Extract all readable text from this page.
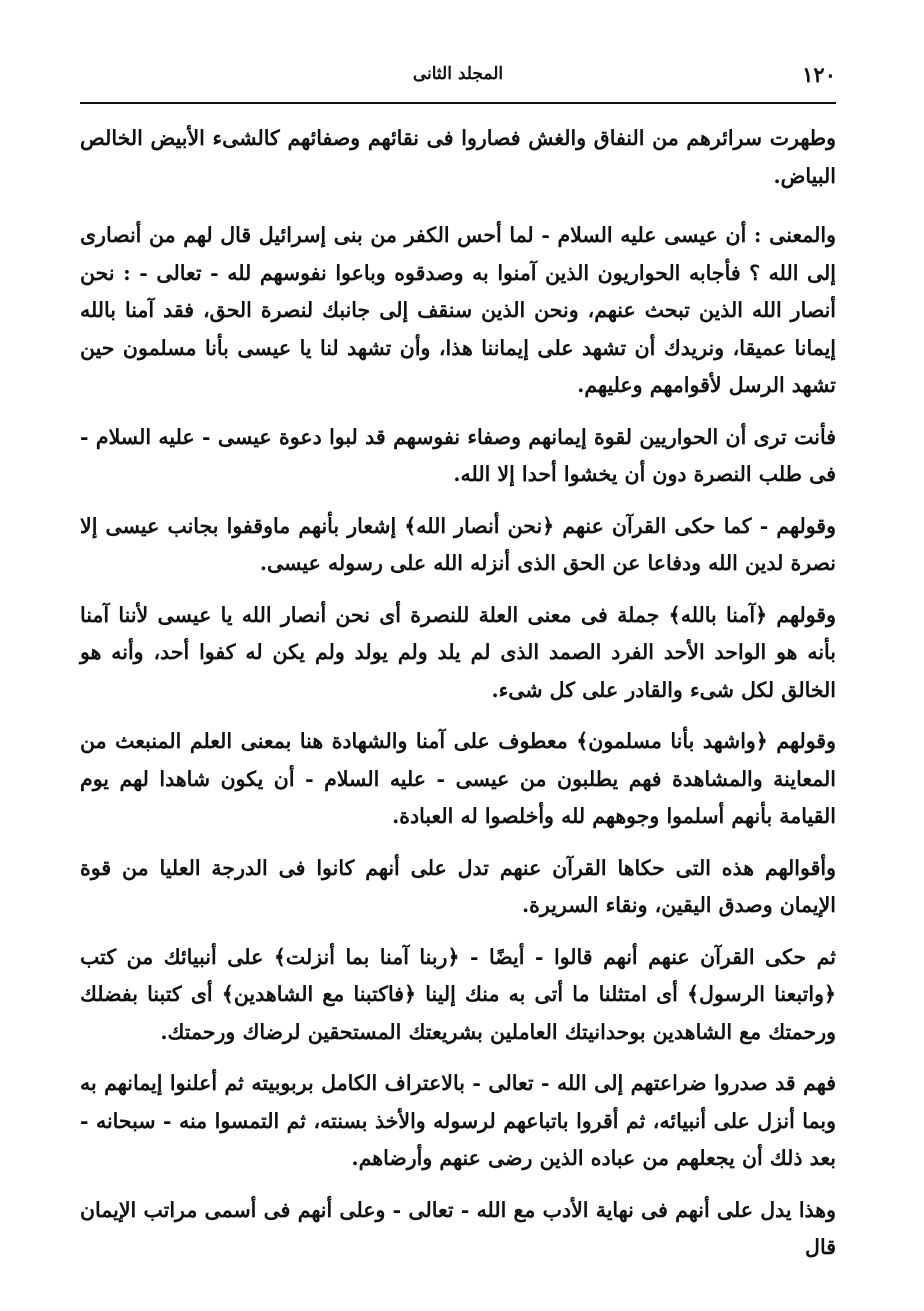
١٢٠
المجلد الثانى

وطهرت سرائرهم من النفاق والغش فصاروا فى نقائهم وصفائهم كالشىء الأبيض الخالص البياض.

والمعنى : أن عيسى عليه السلام - لما أحس الكفر من بنى إسرائيل قال لهم من أنصارى إلى الله ؟ فأجابه الحواريون الذين آمنوا به وصدقوه وباعوا نفوسهم لله - تعالى - : نحن أنصار الله الذين تبحث عنهم، ونحن الذين سنقف إلى جانبك لنصرة الحق، فقد آمنا بالله إيمانا عميقا، ونريدك أن تشهد على إيماننا هذا، وأن تشهد لنا يا عيسى بأنا مسلمون حين تشهد الرسل لأقوامهم وعليهم.

فأنت ترى أن الحواريين لقوة إيمانهم وصفاء نفوسهم قد لبوا دعوة عيسى - عليه السلام - فى طلب النصرة دون أن يخشوا أحدا إلا الله.

وقولهم - كما حكى القرآن عنهم ﴿نحن أنصار الله﴾ إشعار بأنهم ماوقفوا بجانب عيسى إلا نصرة لدين الله ودفاعا عن الحق الذى أنزله الله على رسوله عيسى.

وقولهم ﴿آمنا بالله﴾ جملة فى معنى العلة للنصرة أى نحن أنصار الله يا عيسى لأننا آمنا بأنه هو الواحد الأحد الفرد الصمد الذى لم يلد ولم يولد ولم يكن له كفوا أحد، وأنه هو الخالق لكل شىء والقادر على كل شىء.

وقولهم ﴿واشهد بأنا مسلمون﴾ معطوف على آمنا والشهادة هنا بمعنى العلم المنبعث من المعاينة والمشاهدة فهم يطلبون من عيسى - عليه السلام - أن يكون شاهدا لهم يوم القيامة بأنهم أسلموا وجوههم لله وأخلصوا له العبادة.

وأقوالهم هذه التى حكاها القرآن عنهم تدل على أنهم كانوا فى الدرجة العليا من قوة الإيمان وصدق اليقين، ونقاء السريرة.

ثم حكى القرآن عنهم أنهم قالوا - أيضًا - ﴿ربنا آمنا بما أنزلت﴾ على أنبيائك من كتب ﴿واتبعنا الرسول﴾ أى امتثلنا ما أتى به منك إلينا ﴿فاكتبنا مع الشاهدين﴾ أى كتبنا بفضلك ورحمتك مع الشاهدين بوحدانيتك العاملين بشريعتك المستحقين لرضاك ورحمتك.

فهم قد صدروا ضراعتهم إلى الله - تعالى - بالاعتراف الكامل بربوبيته ثم أعلنوا إيمانهم به وبما أنزل على أنبيائه، ثم أقروا باتباعهم لرسوله والأخذ بسنته، ثم التمسوا منه - سبحانه - بعد ذلك أن يجعلهم من عباده الذين رضى عنهم وأرضاهم.

وهذا يدل على أنهم فى نهاية الأدب مع الله - تعالى - وعلى أنهم فى أسمى مراتب الإيمان قال
